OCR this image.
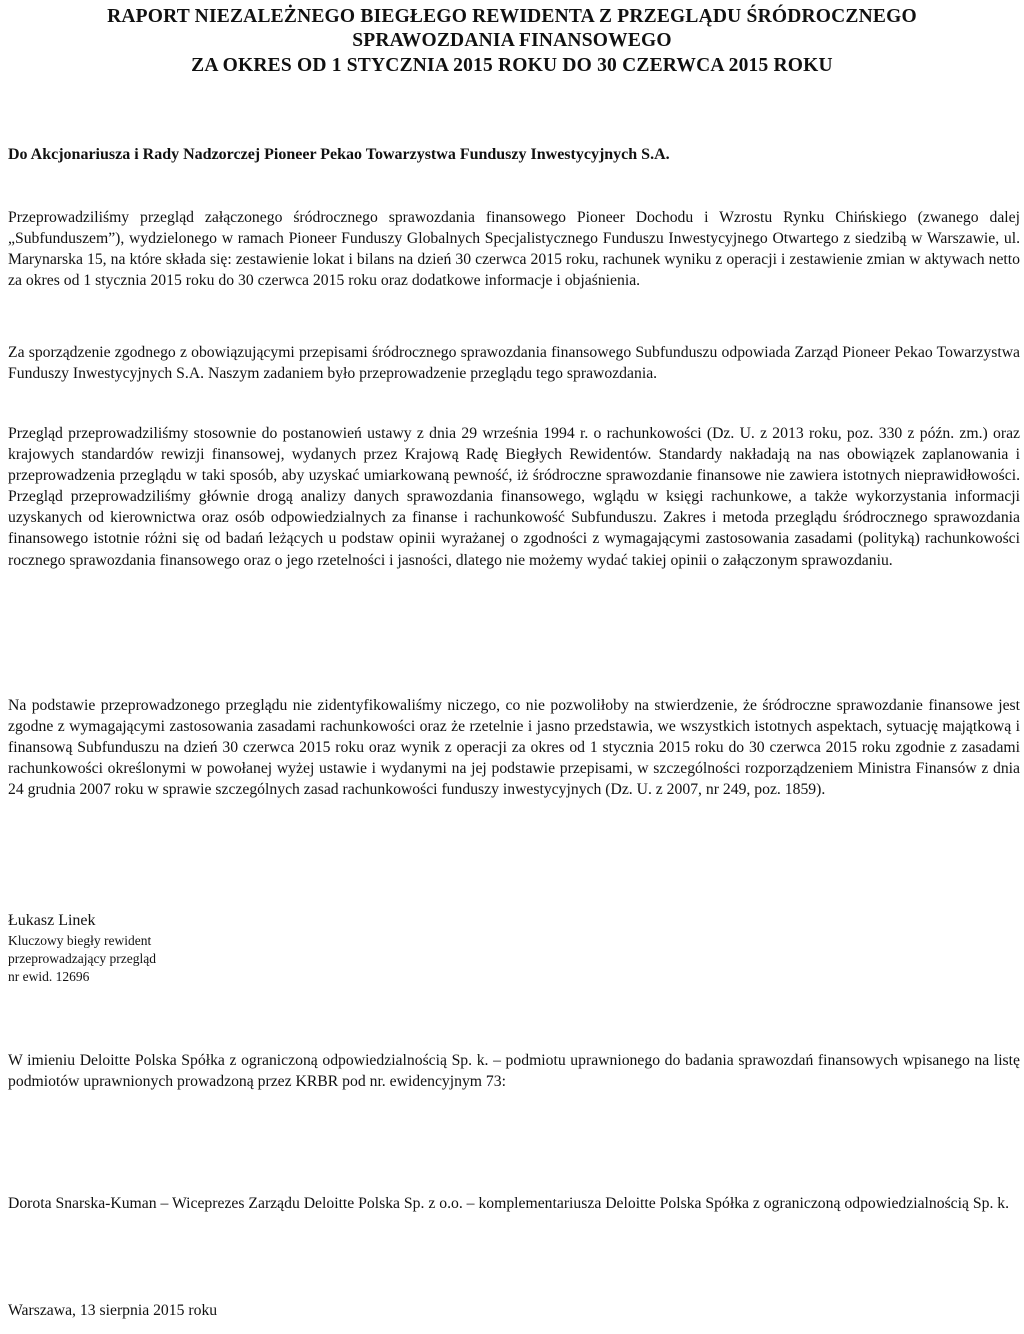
RAPORT NIEZALEŻNEGO BIEGŁEGO REWIDENTA Z PRZEGLĄDU ŚRÓDROCZNEGO
SPRAWOZDANIA FINANSOWEGO
ZA OKRES OD 1 STYCZNIA 2015 ROKU DO 30 CZERWCA 2015 ROKU
Do Akcjonariusza i Rady Nadzorczej Pioneer Pekao Towarzystwa Funduszy Inwestycyjnych S.A.
Przeprowadziliśmy przegląd załączonego śródrocznego sprawozdania finansowego Pioneer Dochodu i Wzrostu Rynku Chińskiego (zwanego dalej „Subfunduszem”), wydzielonego w ramach Pioneer Funduszy Globalnych Specjalistycznego Funduszu Inwestycyjnego Otwartego z siedzibą w Warszawie, ul. Marynarska 15, na które składa się: zestawienie lokat i bilans na dzień 30 czerwca 2015 roku, rachunek wyniku z operacji i zestawienie zmian w aktywach netto za okres od 1 stycznia 2015 roku do 30 czerwca 2015 roku oraz dodatkowe informacje i objaśnienia.
Za sporządzenie zgodnego z obowiązującymi przepisami śródrocznego sprawozdania finansowego Subfunduszu odpowiada Zarząd Pioneer Pekao Towarzystwa Funduszy Inwestycyjnych S.A. Naszym zadaniem było przeprowadzenie przeglądu tego sprawozdania.
Przegląd przeprowadziliśmy stosownie do postanowień ustawy z dnia 29 września 1994 r. o rachunkowości (Dz. U. z 2013 roku, poz. 330 z późn. zm.) oraz krajowych standardów rewizji finansowej, wydanych przez Krajową Radę Biegłych Rewidentów. Standardy nakładają na nas obowiązek zaplanowania i przeprowadzenia przeglądu w taki sposób, aby uzyskać umiarkowaną pewność, iż śródroczne sprawozdanie finansowe nie zawiera istotnych nieprawidłowości. Przegląd przeprowadziliśmy głównie drogą analizy danych sprawozdania finansowego, wglądu w księgi rachunkowe, a także wykorzystania informacji uzyskanych od kierownictwa oraz osób odpowiedzialnych za finanse i rachunkowość Subfunduszu. Zakres i metoda przeglądu śródrocznego sprawozdania finansowego istotnie różni się od badań leżących u podstaw opinii wyrażanej o zgodności z wymagającymi zastosowania zasadami (polityką) rachunkowości rocznego sprawozdania finansowego oraz o jego rzetelności i jasności, dlatego nie możemy wydać takiej opinii o załączonym sprawozdaniu.
Na podstawie przeprowadzonego przeglądu nie zidentyfikowaliśmy niczego, co nie pozwoliłoby na stwierdzenie, że śródroczne sprawozdanie finansowe jest zgodne z wymagającymi zastosowania zasadami rachunkowości oraz że rzetelnie i jasno przedstawia, we wszystkich istotnych aspektach, sytuację majątkową i finansową Subfunduszu na dzień 30 czerwca 2015 roku oraz wynik z operacji za okres od 1 stycznia 2015 roku do 30 czerwca 2015 roku zgodnie z zasadami rachunkowości określonymi w powołanej wyżej ustawie i wydanymi na jej podstawie przepisami, w szczególności rozporządzeniem Ministra Finansów z dnia 24 grudnia 2007 roku w sprawie szczególnych zasad rachunkowości funduszy inwestycyjnych (Dz. U. z 2007, nr 249, poz. 1859).
Łukasz Linek
Kluczowy biegły rewident
przeprowadzający przegląd
nr ewid. 12696
W imieniu Deloitte Polska Spółka z ograniczoną odpowiedzialnością Sp. k. – podmiotu uprawnionego do badania sprawozdań finansowych wpisanego na listę podmiotów uprawnionych prowadzoną przez KRBR pod nr. ewidencyjnym 73:
Dorota Snarska-Kuman – Wiceprezes Zarządu Deloitte Polska Sp. z o.o. – komplementariusza Deloitte Polska Spółka z ograniczoną odpowiedzialnością Sp. k.
Warszawa, 13 sierpnia 2015 roku
